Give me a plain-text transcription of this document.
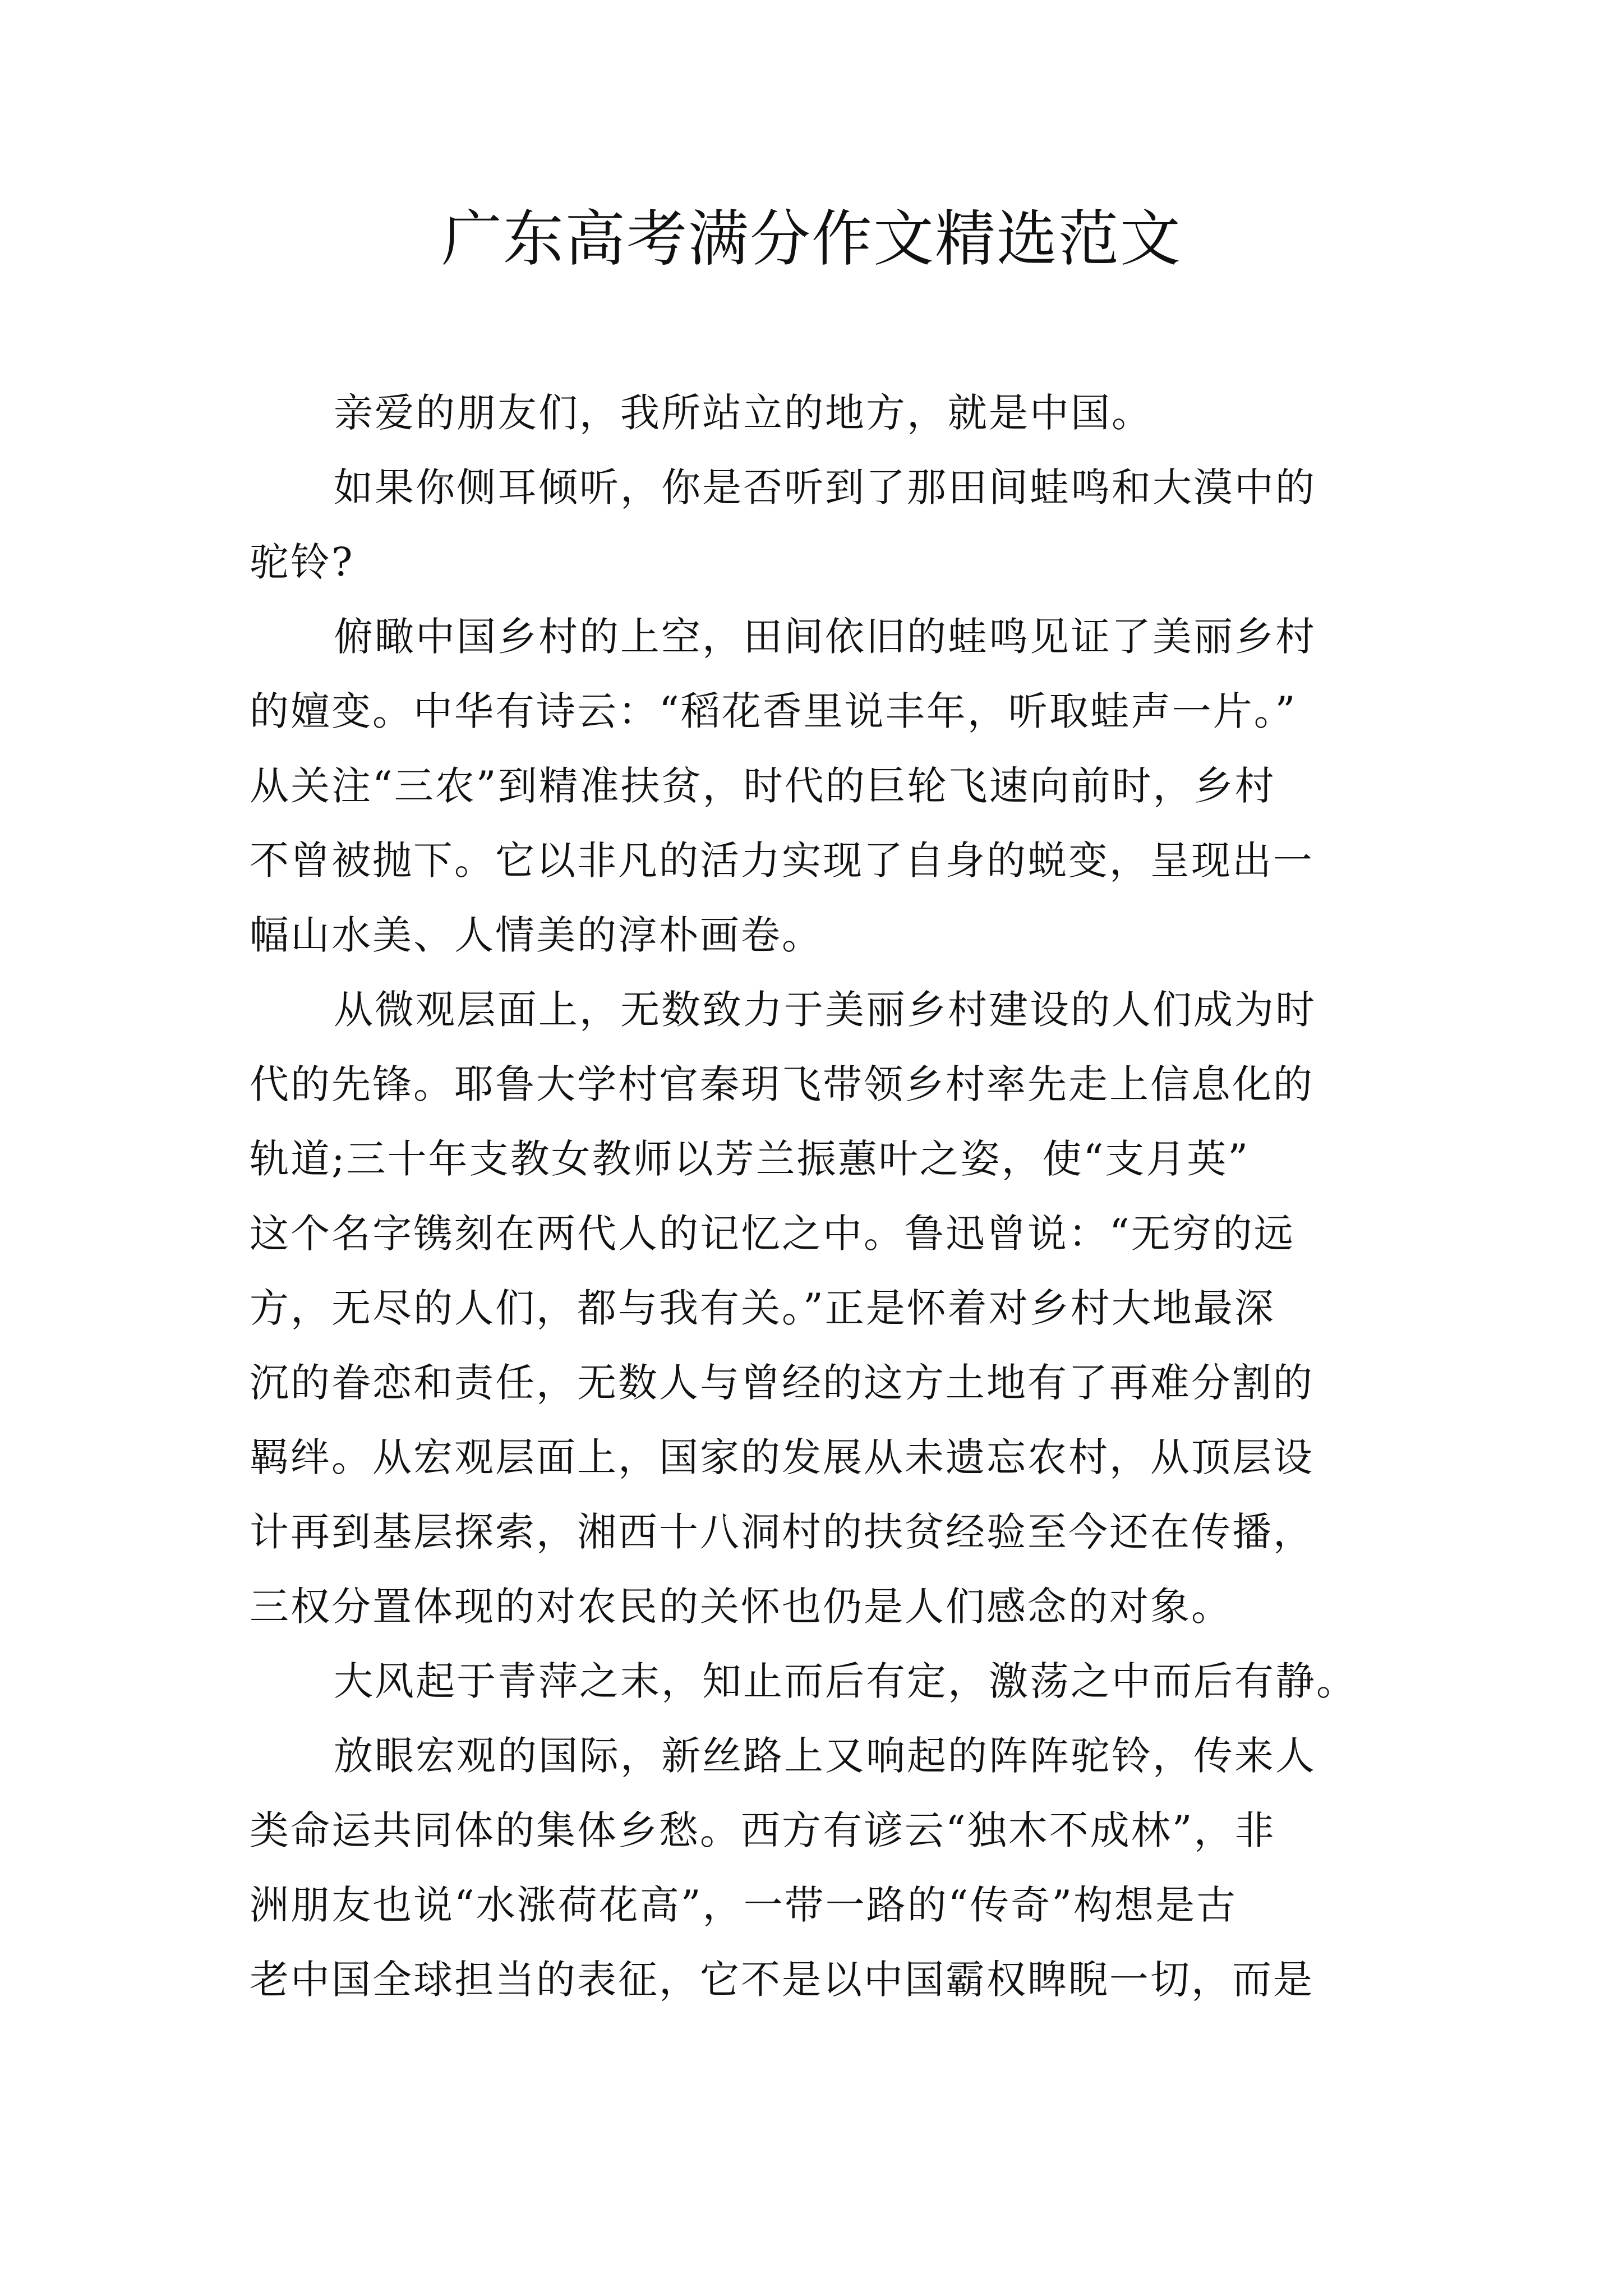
广东高考满分作文精选范文
亲爱的朋友们，我所站立的地方，就是中国。
如果你侧耳倾听，你是否听到了那田间蛙鸣和大漠中的
驼铃?
俯瞰中国乡村的上空，田间依旧的蛙鸣见证了美丽乡村
的嬗变。中华有诗云：“稻花香里说丰年，听取蛙声一片。”
从关注“三农”到精准扶贫，时代的巨轮飞速向前时，乡村
不曾被抛下。它以非凡的活力实现了自身的蜕变，呈现出一
幅山水美、人情美的淳朴画卷。
从微观层面上，无数致力于美丽乡村建设的人们成为时
代的先锋。耶鲁大学村官秦玥飞带领乡村率先走上信息化的
轨道;三十年支教女教师以芳兰振蕙叶之姿，使“支月英”
这个名字镌刻在两代人的记忆之中。鲁迅曾说：“无穷的远
方，无尽的人们，都与我有关。”正是怀着对乡村大地最深
沉的眷恋和责任，无数人与曾经的这方土地有了再难分割的
羁绊。从宏观层面上，国家的发展从未遗忘农村，从顶层设
计再到基层探索，湘西十八洞村的扶贫经验至今还在传播，
三权分置体现的对农民的关怀也仍是人们感念的对象。
大风起于青萍之末，知止而后有定，激荡之中而后有静。
放眼宏观的国际，新丝路上又响起的阵阵驼铃，传来人
类命运共同体的集体乡愁。西方有谚云“独木不成林”，非
洲朋友也说“水涨荷花高”，一带一路的“传奇”构想是古
老中国全球担当的表征，它不是以中国霸权睥睨一切，而是
